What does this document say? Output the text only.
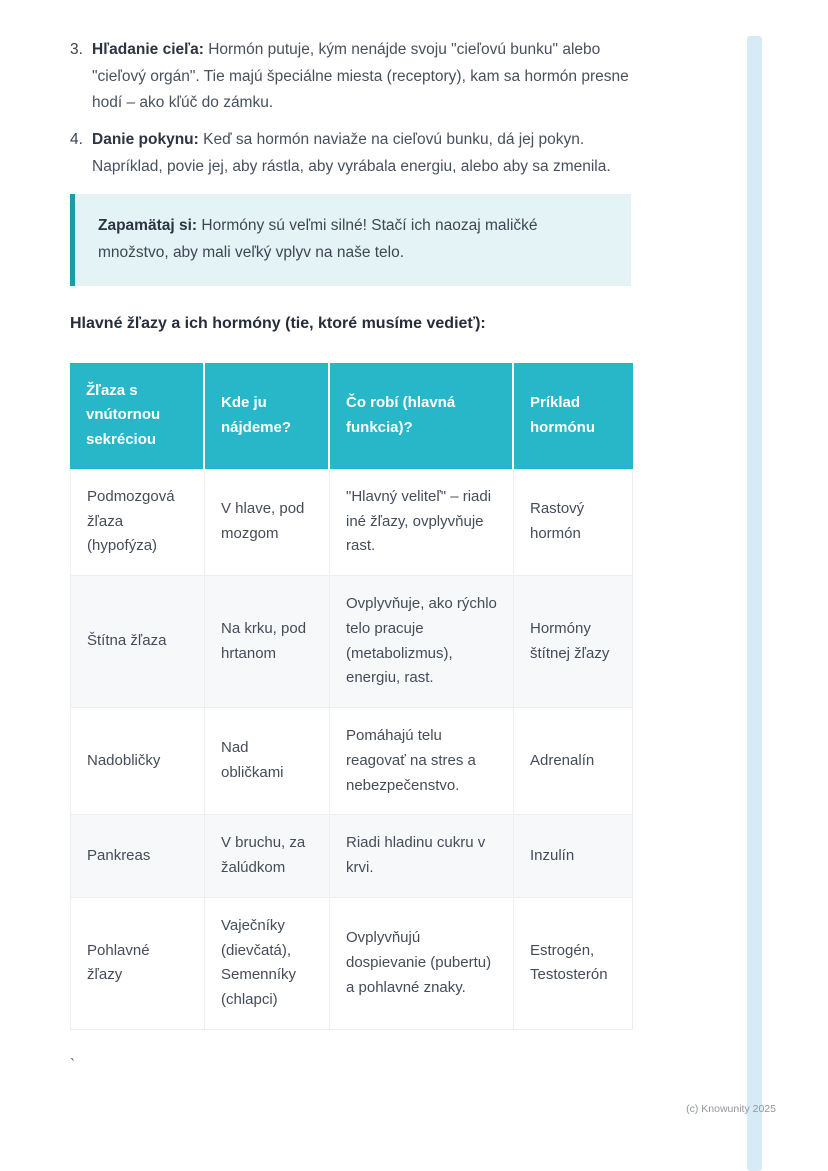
3. Hľadanie cieľa: Hormón putuje, kým nenájde svoju "cieľovú bunku" alebo "cieľový orgán". Tie majú špeciálne miesta (receptory), kam sa hormón presne hodí – ako kľúč do zámku.

4. Danie pokynu: Keď sa hormón naviaže na cieľovú bunku, dá jej pokyn. Napríklad, povie jej, aby rástla, aby vyrábala energiu, alebo aby sa zmenila.

Zapamätaj si: Hormóny sú veľmi silné! Stačí ich naozaj maličké množstvo, aby mali veľký vplyv na naše telo.

Hlavné žľazy a ich hormóny (tie, ktoré musíme vedieť):
Žľaza s vnútornou sekréciou	Kde ju nájdeme?	Čo robí (hlavná funkcia)?	Príklad hormónu
Podmozgová žľaza (hypofýza)	V hlave, pod mozgom	"Hlavný veliteľ" – riadi iné žľazy, ovplyvňuje rast.	Rastový hormón
Štítna žľaza	Na krku, pod hrtanom	Ovplyvňuje, ako rýchlo telo pracuje (metabolizmus), energiu, rast.	Hormóny štítnej žľazy
Nadobličky	Nad obličkami	Pomáhajú telu reagovať na stres a nebezpečenstvo.	Adrenalín
Pankreas	V bruchu, za žalúdkom	Riadi hladinu cukru v krvi.	Inzulín
Pohlavné žľazy	Vaječníky (dievčatá), Semenníky (chlapci)	Ovplyvňujú dospievanie (pubertu) a pohlavné znaky.	Estrogén, Testosterón
`
(c) Knowunity 2025
